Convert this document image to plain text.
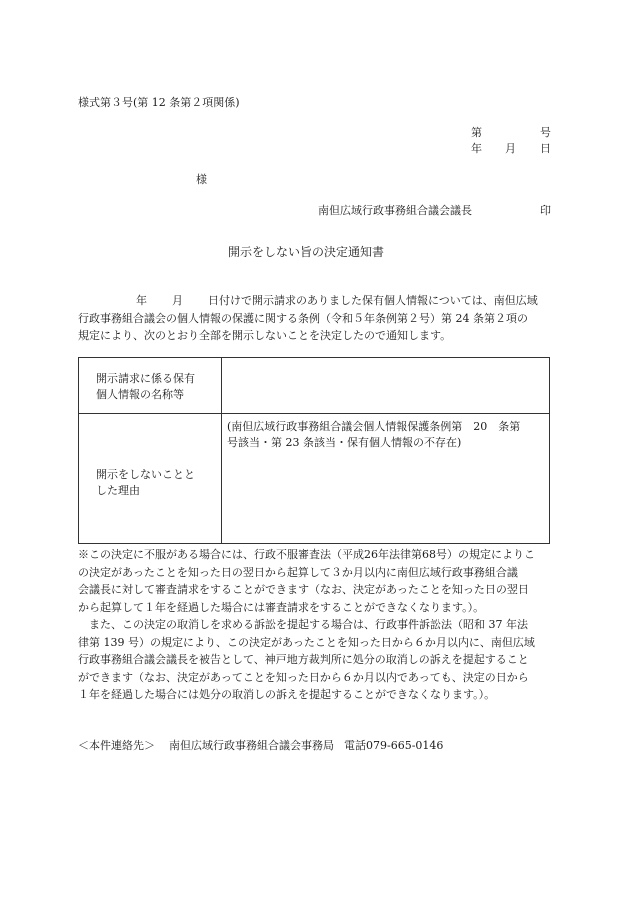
様式第３号(第 12 条第２項関係)
第	号
年 月 日
様
南但広域行政事務組合議会議長	印
開示をしない旨の決定通知書
年 月 日付けで開示請求のありました保有個人情報については、南但広域
行政事務組合議会の個人情報の保護に関する条例（令和５年条例第２号）第 24 条第２項の
規定により、次のとおり全部を開示しないことを決定したので通知します。
開示請求に係る保有
個人情報の名称等
開示をしないことと
した理由
(南但広域行政事務組合議会個人情報保護条例第　20　条第
号該当・第 23 条該当・保有個人情報の不存在)
※この決定に不服がある場合には、行政不服審査法（平成26年法律第68号）の規定によりこ
の決定があったことを知った日の翌日から起算して３か月以内に南但広域行政事務組合議
会議長に対して審査請求をすることができます（なお、決定があったことを知った日の翌日
から起算して１年を経過した場合には審査請求をすることができなくなります。）。
　また、この決定の取消しを求める訴訟を提起する場合は、行政事件訴訟法（昭和 37 年法
律第 139 号）の規定により、この決定があったことを知った日から６か月以内に、南但広域
行政事務組合議会議長を被告として、神戸地方裁判所に処分の取消しの訴えを提起すること
ができます（なお、決定があってことを知った日から６か月以内であっても、決定の日から
１年を経過した場合には処分の取消しの訴えを提起することができなくなります。）。
＜本件連絡先＞ 南但広域行政事務組合議会事務局 電話079-665-0146
